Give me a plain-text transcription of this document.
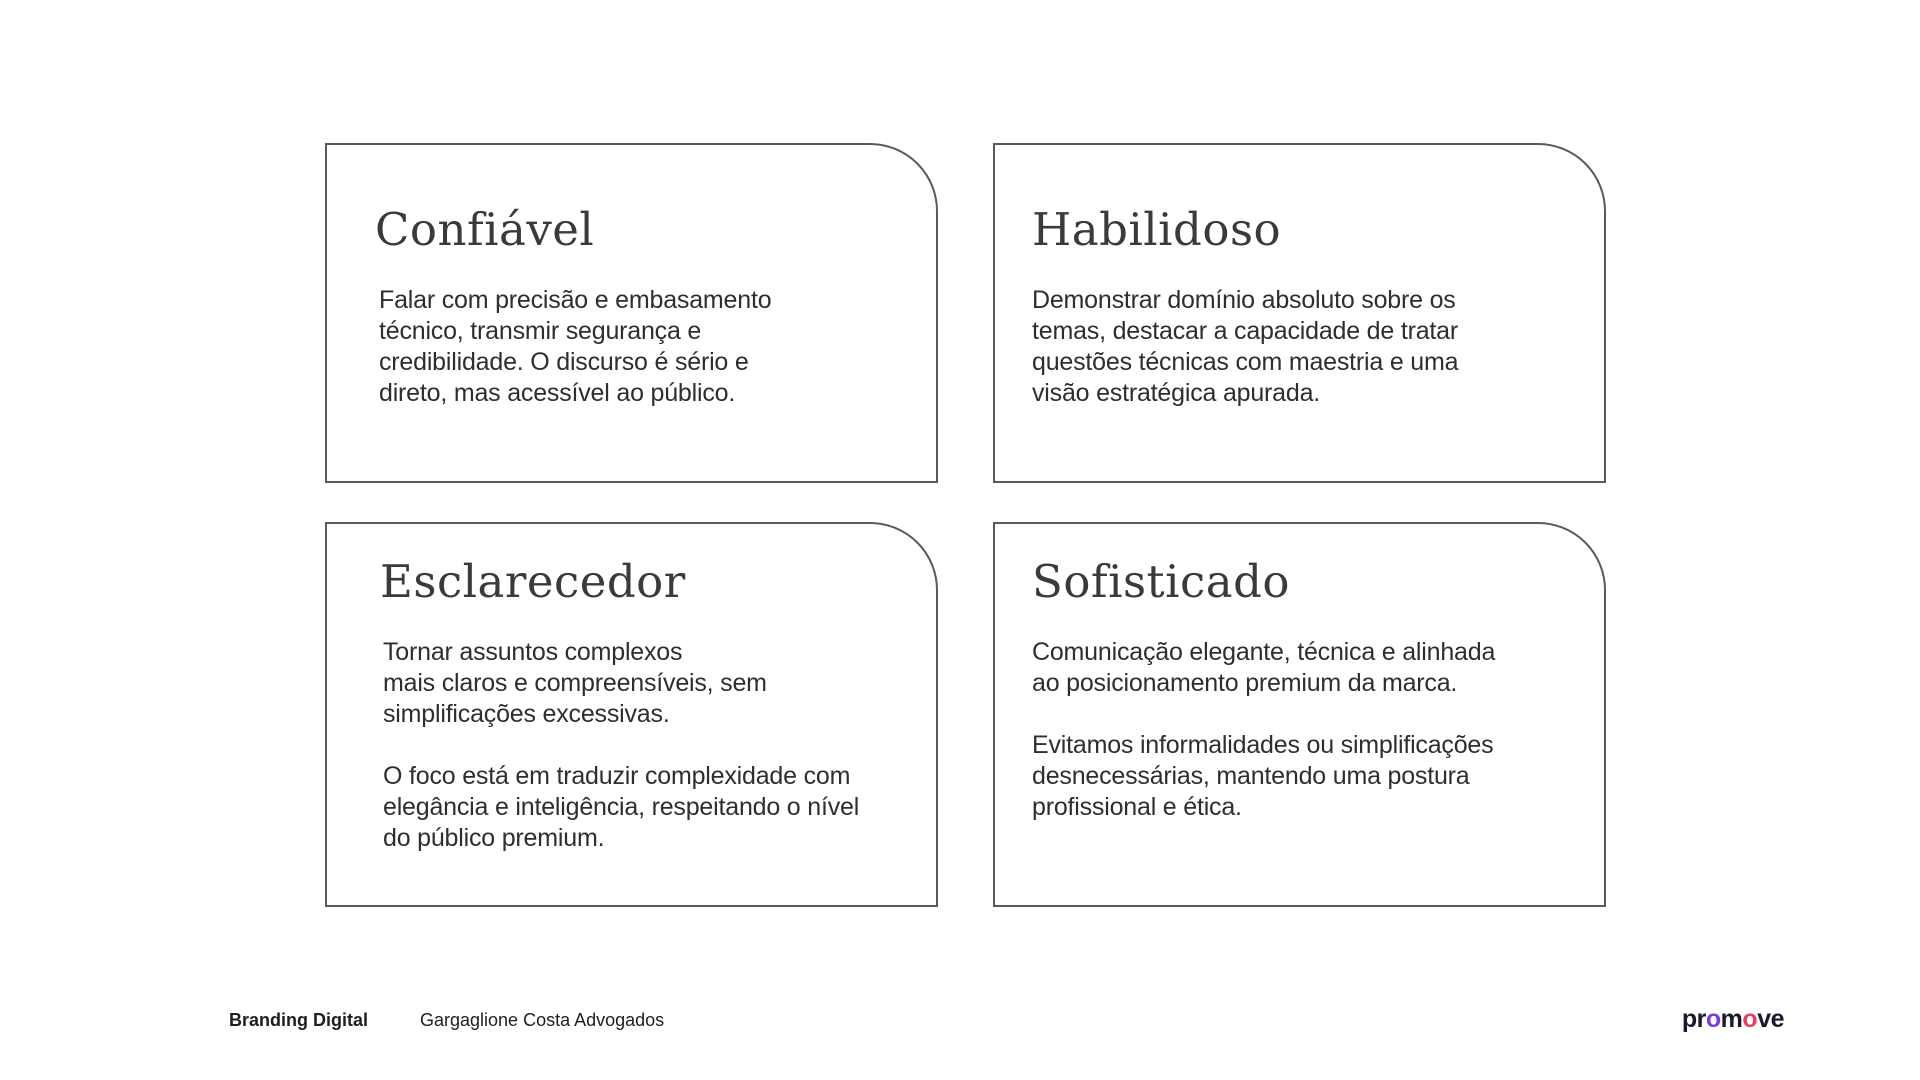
Confiável

Falar com precisão e embasamento
técnico, transmir segurança e
credibilidade. O discurso é sério e
direto, mas acessível ao público.

Habilidoso

Demonstrar domínio absoluto sobre os
temas, destacar a capacidade de tratar
questões técnicas com maestria e uma
visão estratégica apurada.

Esclarecedor

Tornar assuntos complexos
mais claros e compreensíveis, sem
simplificações excessivas.

O foco está em traduzir complexidade com
elegância e inteligência, respeitando o nível
do público premium.

Sofisticado

Comunicação elegante, técnica e alinhada
ao posicionamento premium da marca.

Evitamos informalidades ou simplificações
desnecessárias, mantendo uma postura
profissional e ética.

Branding Digital	Gargaglione Costa Advogados	promove
